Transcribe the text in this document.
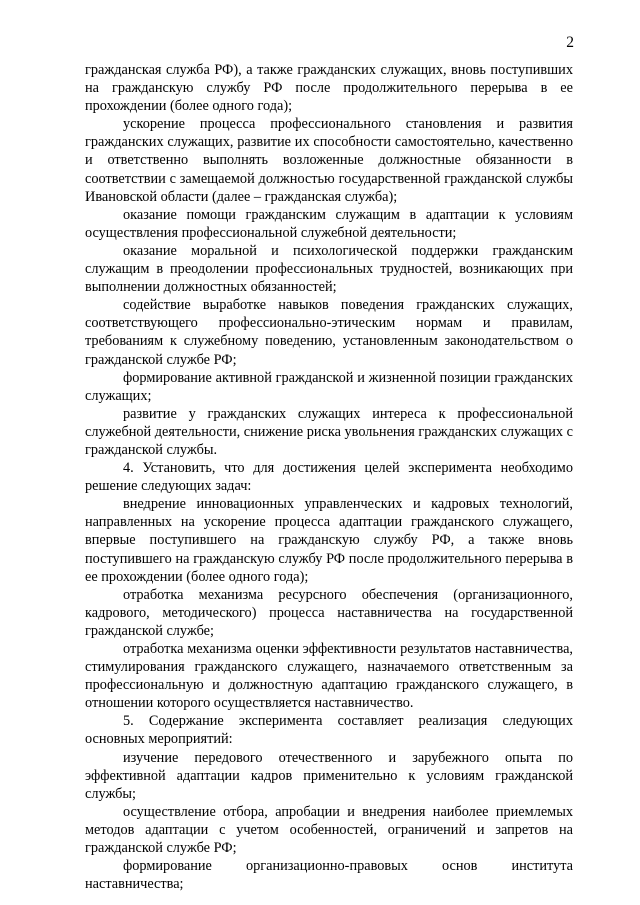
2

гражданская служба РФ), а также гражданских служащих, вновь поступивших на гражданскую службу РФ после продолжительного перерыва в ее прохождении (более одного года);

ускорение процесса профессионального становления и развития гражданских служащих, развитие их способности самостоятельно, качественно и ответственно выполнять возложенные должностные обязанности в соответствии с замещаемой должностью государственной гражданской службы Ивановской области (далее – гражданская служба);

оказание помощи гражданским служащим в адаптации к условиям осуществления профессиональной служебной деятельности;

оказание моральной и психологической поддержки гражданским служащим в преодолении профессиональных трудностей, возникающих при выполнении должностных обязанностей;

содействие выработке навыков поведения гражданских служащих, соответствующего профессионально-этическим нормам и правилам, требованиям к служебному поведению, установленным законодательством о гражданской службе РФ;

формирование активной гражданской и жизненной позиции гражданских служащих;

развитие у гражданских служащих интереса к профессиональной служебной деятельности, снижение риска увольнения гражданских служащих с гражданской службы.

4. Установить, что для достижения целей эксперимента необходимо решение следующих задач:

внедрение инновационных управленческих и кадровых технологий, направленных на ускорение процесса адаптации гражданского служащего, впервые поступившего на гражданскую службу РФ, а также вновь поступившего на гражданскую службу РФ после продолжительного перерыва в ее прохождении (более одного года);

отработка механизма ресурсного обеспечения (организационного, кадрового, методического) процесса наставничества на государственной гражданской службе;

отработка механизма оценки эффективности результатов наставничества, стимулирования гражданского служащего, назначаемого ответственным за профессиональную и должностную адаптацию гражданского служащего, в отношении которого осуществляется наставничество.

5. Содержание эксперимента составляет реализация следующих основных мероприятий:

изучение передового отечественного и зарубежного опыта по эффективной адаптации кадров применительно к условиям гражданской службы;

осуществление отбора, апробации и внедрения наиболее приемлемых методов адаптации с учетом особенностей, ограничений и запретов на гражданской службе РФ;

формирование организационно-правовых основ института наставничества;
